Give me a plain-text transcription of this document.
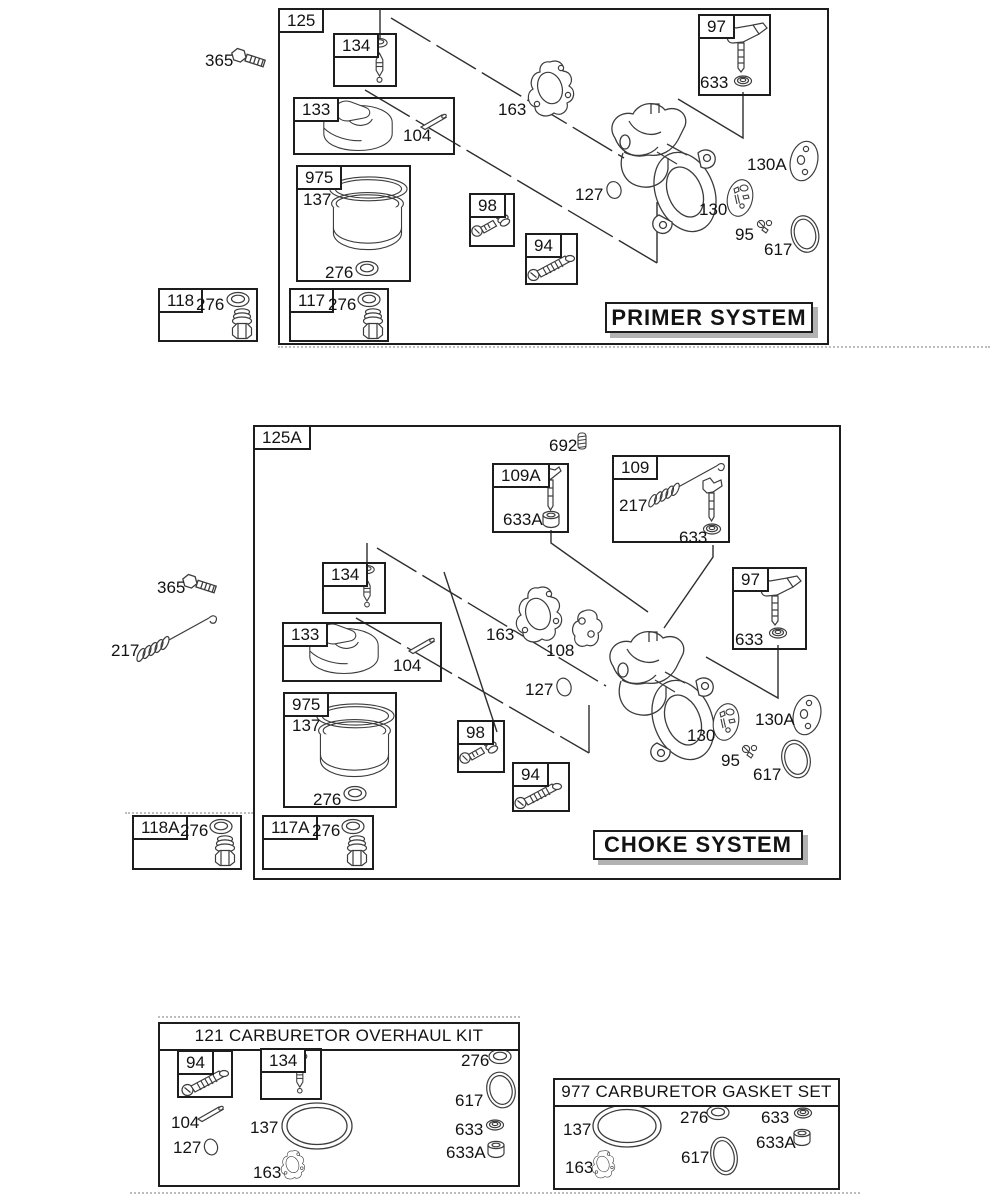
125
365
134
133
104
975
137
276
118 276	117 276
98
94
163
127
97
633
130A
130
95
617
PRIMER SYSTEM
125A	692
109A
633A
109
217
633
365
217
134
133
104
975
137
276
98
94
163
108
127
97
633
130
130A
95
617
118A 276	117A 276
CHOKE SYSTEM
121 CARBURETOR OVERHAUL KIT
94	134
104
127
137
163
276
617
633
633A
977 CARBURETOR GASKET SET
137
163
276
617
633
633A
